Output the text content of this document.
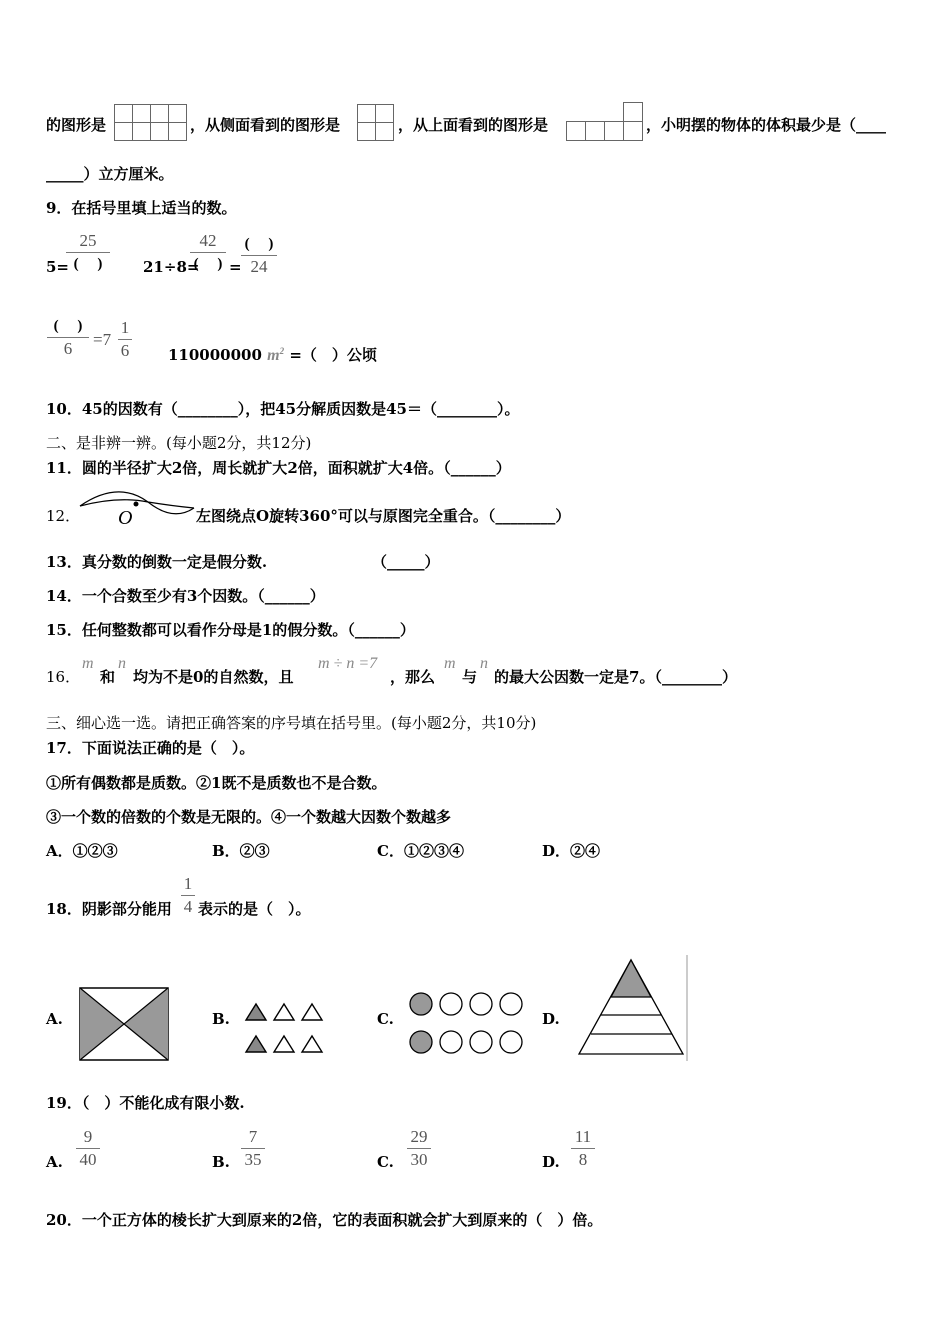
的图形是	，从侧面看到的图形是	，从上面看到的图形是	，小明摆的物体的体积最少是（____
_____）立方厘米。
9．在括号里填上适当的数。
5=
25
(　 )	21÷8=
42
(　 ) =
(　 )
24
(　 )
6	=7
1
6	110000000 $m^2$ =（　）公顷
10．45的因数有（________），把45分解质因数是45＝（________）。
二、是非辨一辨。(每小题2分，共12分)
11．圆的半径扩大2倍，周长就扩大2倍，面积就扩大4倍。（______）
12． O	左图绕点O旋转360°可以与原图完全重合。（________）
13．真分数的倒数一定是假分数.	（_____）
14．一个合数至少有3个因数。（______）
15．任何整数都可以看作分母是1的假分数。（______）
16．
m
和
n
均为不是0的自然数，且
m ÷ n =7
，那么
m
与
n
的最大公因数一定是7。（________）
三、细心选一选。请把正确答案的序号填在括号里。(每小题2分，共10分)
17．下面说法正确的是（　）。
①所有偶数都是质数。②1既不是质数也不是合数。
③一个数的倍数的个数是无限的。④一个数越大因数个数越多
A．①②③	B．②③	C．①②③④	D．②④
18．阴影部分能用
1
4 表示的是（　）。
A.	B.	C.	D.
19．（　）不能化成有限小数.
A.
9
40	B.
7
35	C.
29
30	D.
11
8
20．一个正方体的棱长扩大到原来的2倍，它的表面积就会扩大到原来的（　）倍。
